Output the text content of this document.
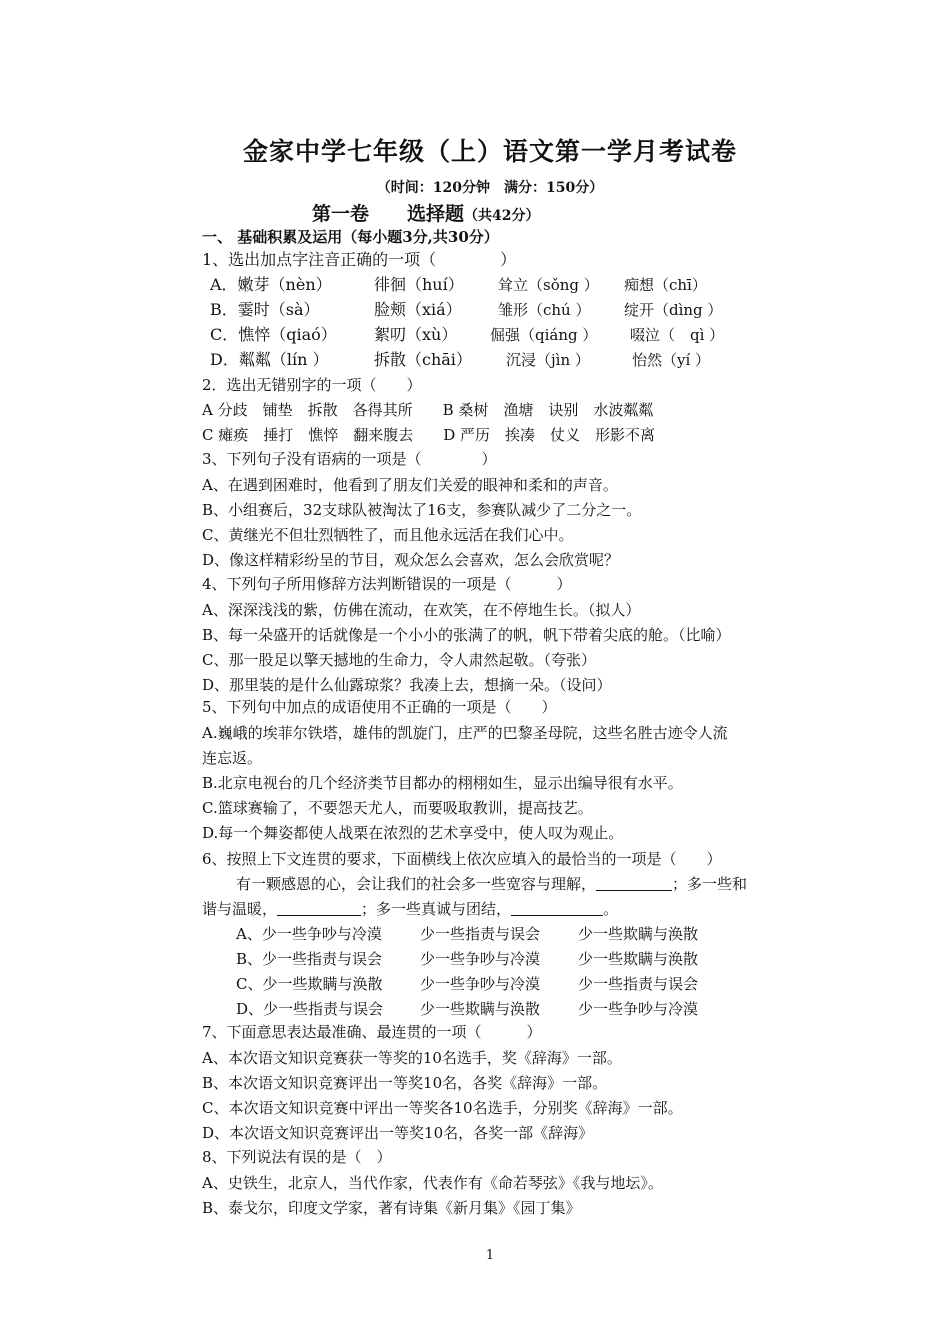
金家中学七年级（上）语文第一学月考试卷
（时间：120分钟　满分：150分）
第一卷　　选择题（共42分）
一、 基础积累及运用（每小题3分,共30分）
1、选出加点字注音正确的一项（　　　　）
A．嫩芽（nèn）	徘徊（huí） 耸立（sǒng ） 痴想（chī）
B．霎时（sà）	脸颊（xiá） 雏形（chú ） 绽开（dìng ）
C．憔悴（qiaó） 絮叨（xù） 倔强（qiáng ） 啜泣（　qì ）
D．粼粼（lín ）	拆散（chāi） 沉浸（jìn ）	怡然（yí ）
2．选出无错别字的一项（　　）
A 分歧　铺垫　拆散　各得其所　　B 桑树　渔塘　诀别　水波粼粼
C 瘫痪　捶打　憔悴　翻来腹去　　D 严历　挨凑　仗义　形影不离
3、下列句子没有语病的一项是（　　　　）
A、在遇到困难时，他看到了朋友们关爱的眼神和柔和的声音。
B、小组赛后，32支球队被淘汰了16支，参赛队减少了二分之一。
C、黄继光不但壮烈牺牲了，而且他永远活在我们心中。
D、像这样精彩纷呈的节目，观众怎么会喜欢，怎么会欣赏呢？
4、下列句子所用修辞方法判断错误的一项是（　　　）
A、深深浅浅的紫，仿佛在流动，在欢笑，在不停地生长。（拟人）
B、每一朵盛开的话就像是一个小小的张满了的帆，帆下带着尖底的舱。（比喻）
C、那一股足以擎天撼地的生命力，令人肃然起敬。（夸张）
D、那里装的是什么仙露琼浆？我凑上去，想摘一朵。（设问）
5、下列句中加点的成语使用不正确的一项是（　　）
A.巍峨的埃菲尔铁塔，雄伟的凯旋门，庄严的巴黎圣母院，这些名胜古迹令人流
连忘返。
B.北京电视台的几个经济类节目都办的栩栩如生，显示出编导很有水平。
C.篮球赛输了，不要怨天尤人，而要吸取教训，提高技艺。
D.每一个舞姿都使人战栗在浓烈的艺术享受中，使人叹为观止。
6、按照上下文连贯的要求，下面横线上依次应填入的最恰当的一项是（　　）
有一颗感恩的心，会让我们的社会多一些宽容与理解，	；多一些和
谐与温暖，	；多一些真诚与团结，	。
A、少一些争吵与冷漠	少一些指责与误会	少一些欺瞒与涣散
B、少一些指责与误会	少一些争吵与冷漠	少一些欺瞒与涣散
C、少一些欺瞒与涣散	少一些争吵与冷漠	少一些指责与误会
D、少一些指责与误会 少一些欺瞒与涣散	少一些争吵与冷漠
7、下面意思表达最准确、最连贯的一项（　　　）
A、本次语文知识竞赛获一等奖的10名选手，奖《辞海》一部。
B、本次语文知识竞赛评出一等奖10名，各奖《辞海》一部。
C、本次语文知识竞赛中评出一等奖各10名选手，分别奖《辞海》一部。
D、本次语文知识竞赛评出一等奖10名，各奖一部《辞海》
8、下列说法有误的是（　）
A、史铁生，北京人，当代作家，代表作有《命若琴弦》《我与地坛》。
B、泰戈尔，印度文学家，著有诗集《新月集》《园丁集》
1
